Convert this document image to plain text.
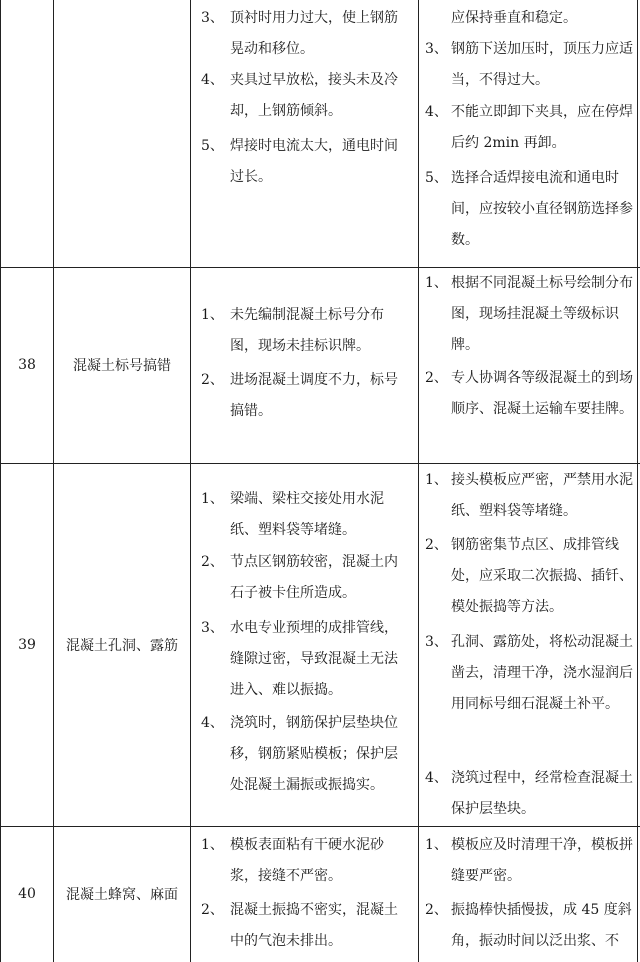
3、 顶衬时用力过大，使上钢筋晃动和移位。
4、 夹具过早放松，接头未及冷却，上钢筋倾斜。
5、 焊接时电流太大，通电时间过长。
应保持垂直和稳定。
3、 钢筋下送加压时，顶压力应适当，不得过大。
4、 不能立即卸下夹具，应在停焊后约 2min 再卸。
5、 选择合适焊接电流和通电时间，应按较小直径钢筋选择参数。
38	混凝土标号搞错
1、 未先编制混凝土标号分布图，现场未挂标识牌。
2、 进场混凝土调度不力，标号搞错。
1、 根据不同混凝土标号绘制分布图，现场挂混凝土等级标识牌。
2、 专人协调各等级混凝土的到场顺序、混凝土运输车要挂牌。
39	混凝土孔洞、露筋
1、 梁端、梁柱交接处用水泥纸、塑料袋等堵缝。
2、 节点区钢筋较密，混凝土内石子被卡住所造成。
3、 水电专业预埋的成排管线，缝隙过密，导致混凝土无法进入、难以振捣。
4、 浇筑时，钢筋保护层垫块位移，钢筋紧贴模板；保护层处混凝土漏振或振捣实。
1、 接头模板应严密，严禁用水泥纸、塑料袋等堵缝。
2、 钢筋密集节点区、成排管线处，应采取二次振捣、插钎、模处振捣等方法。
3、 孔洞、露筋处，将松动混凝土凿去，清理干净，浇水湿润后用同标号细石混凝土补平。
4、 浇筑过程中，经常检查混凝土保护层垫块。
40	混凝土蜂窝、麻面
1、 模板表面粘有干硬水泥砂浆，接缝不严密。
2、 混凝土振捣不密实，混凝土中的气泡未排出。
1、 模板应及时清理干净，模板拼缝要严密。
2、 振捣棒快插慢拔，成 45 度斜角，振动时间以泛出浆、不
